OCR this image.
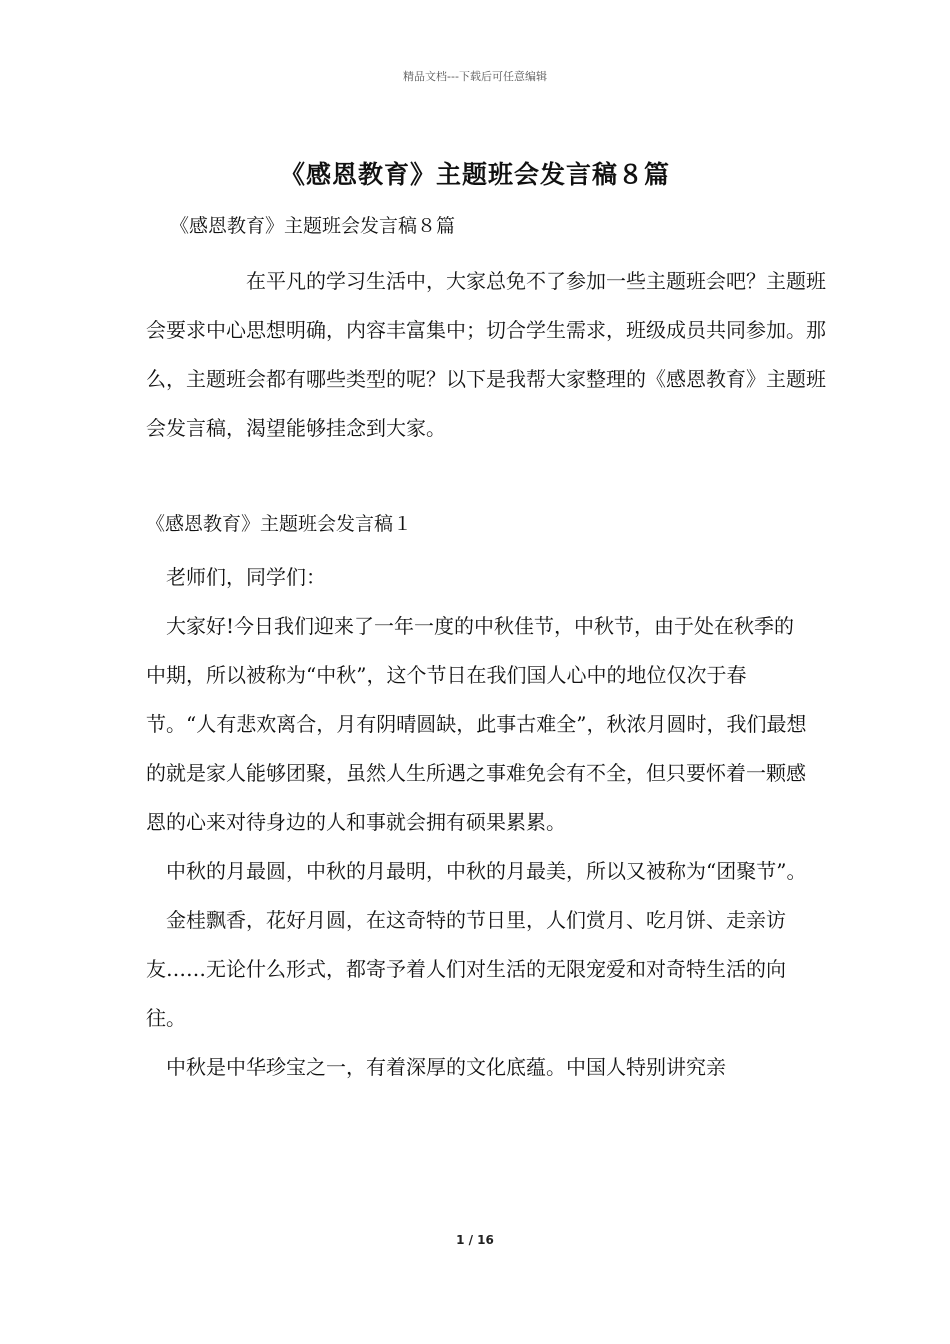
精品文档---下载后可任意编辑
《感恩教育》主题班会发言稿８篇
《感恩教育》主题班会发言稿８篇
在平凡的学习生活中，大家总免不了参加一些主题班会吧？主题班会要求中心思想明确，内容丰富集中；切合学生需求，班级成员共同参加。那么，主题班会都有哪些类型的呢？以下是我帮大家整理的《感恩教育》主题班会发言稿，渴望能够挂念到大家。
《感恩教育》主题班会发言稿１

老师们，同学们：

大家好!今日我们迎来了一年一度的中秋佳节，中秋节，由于处在秋季的中期，所以被称为“中秋”，这个节日在我们国人心中的地位仅次于春节。“人有悲欢离合，月有阴晴圆缺，此事古难全”，秋浓月圆时，我们最想的就是家人能够团聚，虽然人生所遇之事难免会有不全，但只要怀着一颗感恩的心来对待身边的人和事就会拥有硕果累累。

中秋的月最圆，中秋的月最明，中秋的月最美，所以又被称为“团聚节”。

金桂飘香，花好月圆，在这奇特的节日里，人们赏月、吃月饼、走亲访友……无论什么形式，都寄予着人们对生活的无限宠爱和对奇特生活的向往。

中秋是中华珍宝之一，有着深厚的文化底蕴。中国人特别讲究亲

1 / 16
